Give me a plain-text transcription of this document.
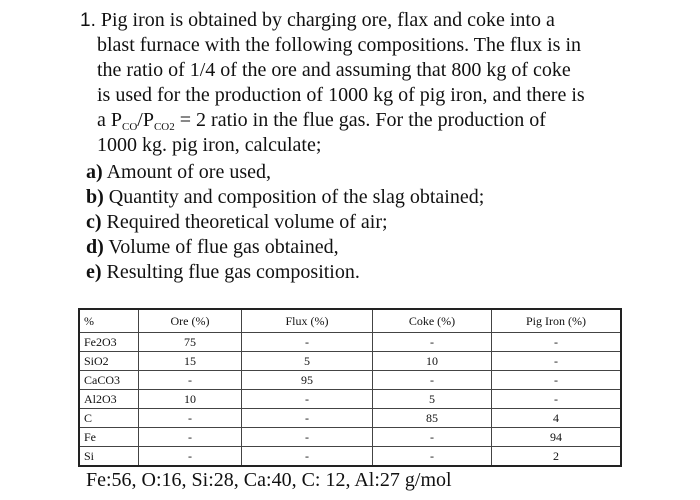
1. Pig iron is obtained by charging ore, flax and coke into a
blast furnace with the following compositions. The flux is in
the ratio of 1/4 of the ore and assuming that 800 kg of coke
is used for the production of 1000 kg of pig iron, and there is
a $P_{CO}/P_{CO2} = 2$ ratio in the flue gas. For the production of
1000 kg. pig iron, calculate;
a) Amount of ore used,
b) Quantity and composition of the slag obtained;
c) Required theoretical volume of air;
d) Volume of flue gas obtained,
e) Resulting flue gas composition.
%	Ore (%)	Flux (%)	Coke (%)	Pig Iron (%)
Fe2O3	75	-	-	-
SiO2	15	5	10	-
CaCO3	-	95	-	-
Al2O3	10	-	5	-
C	-	-	85	4
Fe	-	-	-	94
Si	-	-	-	2
Fe:56, O:16, Si:28, Ca:40, C: 12, Al:27 g/mol
